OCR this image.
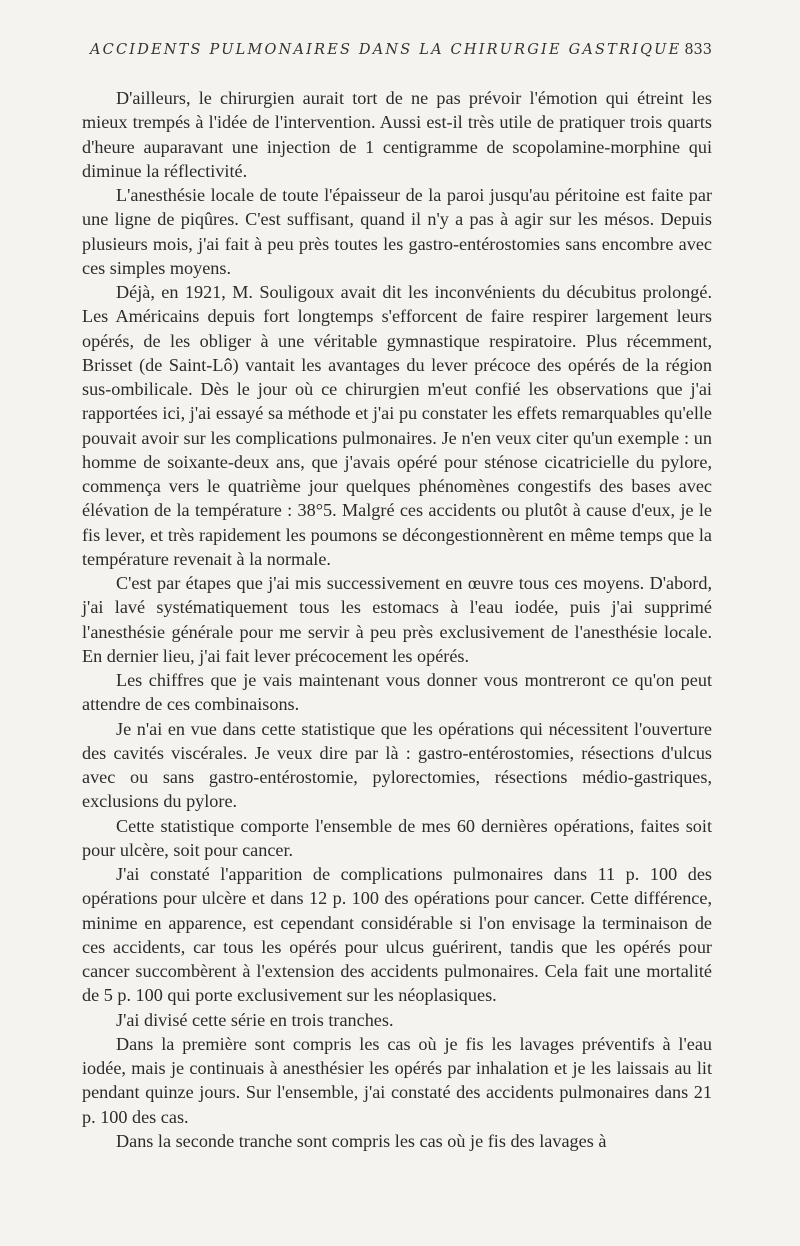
ACCIDENTS PULMONAIRES DANS LA CHIRURGIE GASTRIQUE 833

D'ailleurs, le chirurgien aurait tort de ne pas prévoir l'émotion qui étreint les mieux trempés à l'idée de l'intervention. Aussi est-il très utile de pratiquer trois quarts d'heure auparavant une injection de 1 centigramme de scopolamine-morphine qui diminue la réflectivité.

L'anesthésie locale de toute l'épaisseur de la paroi jusqu'au péritoine est faite par une ligne de piqûres. C'est suffisant, quand il n'y a pas à agir sur les mésos. Depuis plusieurs mois, j'ai fait à peu près toutes les gastro-entérostomies sans encombre avec ces simples moyens.

Déjà, en 1921, M. Souligoux avait dit les inconvénients du décubitus prolongé. Les Américains depuis fort longtemps s'efforcent de faire respirer largement leurs opérés, de les obliger à une véritable gymnastique respiratoire. Plus récemment, Brisset (de Saint-Lô) vantait les avantages du lever précoce des opérés de la région sus-ombilicale. Dès le jour où ce chirurgien m'eut confié les observations que j'ai rapportées ici, j'ai essayé sa méthode et j'ai pu constater les effets remarquables qu'elle pouvait avoir sur les complications pulmonaires. Je n'en veux citer qu'un exemple : un homme de soixante-deux ans, que j'avais opéré pour sténose cicatricielle du pylore, commença vers le quatrième jour quelques phénomènes congestifs des bases avec élévation de la température : 38°5. Malgré ces accidents ou plutôt à cause d'eux, je le fis lever, et très rapidement les poumons se décongestionnèrent en même temps que la température revenait à la normale.

C'est par étapes que j'ai mis successivement en œuvre tous ces moyens. D'abord, j'ai lavé systématiquement tous les estomacs à l'eau iodée, puis j'ai supprimé l'anesthésie générale pour me servir à peu près exclusivement de l'anesthésie locale. En dernier lieu, j'ai fait lever précocement les opérés.

Les chiffres que je vais maintenant vous donner vous montreront ce qu'on peut attendre de ces combinaisons.

Je n'ai en vue dans cette statistique que les opérations qui nécessitent l'ouverture des cavités viscérales. Je veux dire par là : gastro-entérostomies, résections d'ulcus avec ou sans gastro-entérostomie, pylorectomies, résections médio-gastriques, exclusions du pylore.

Cette statistique comporte l'ensemble de mes 60 dernières opérations, faites soit pour ulcère, soit pour cancer.

J'ai constaté l'apparition de complications pulmonaires dans 11 p. 100 des opérations pour ulcère et dans 12 p. 100 des opérations pour cancer. Cette différence, minime en apparence, est cependant considérable si l'on envisage la terminaison de ces accidents, car tous les opérés pour ulcus guérirent, tandis que les opérés pour cancer succombèrent à l'extension des accidents pulmonaires. Cela fait une mortalité de 5 p. 100 qui porte exclusivement sur les néoplasiques.

J'ai divisé cette série en trois tranches.

Dans la première sont compris les cas où je fis les lavages préventifs à l'eau iodée, mais je continuais à anesthésier les opérés par inhalation et je les laissais au lit pendant quinze jours. Sur l'ensemble, j'ai constaté des accidents pulmonaires dans 21 p. 100 des cas.

Dans la seconde tranche sont compris les cas où je fis des lavages à
